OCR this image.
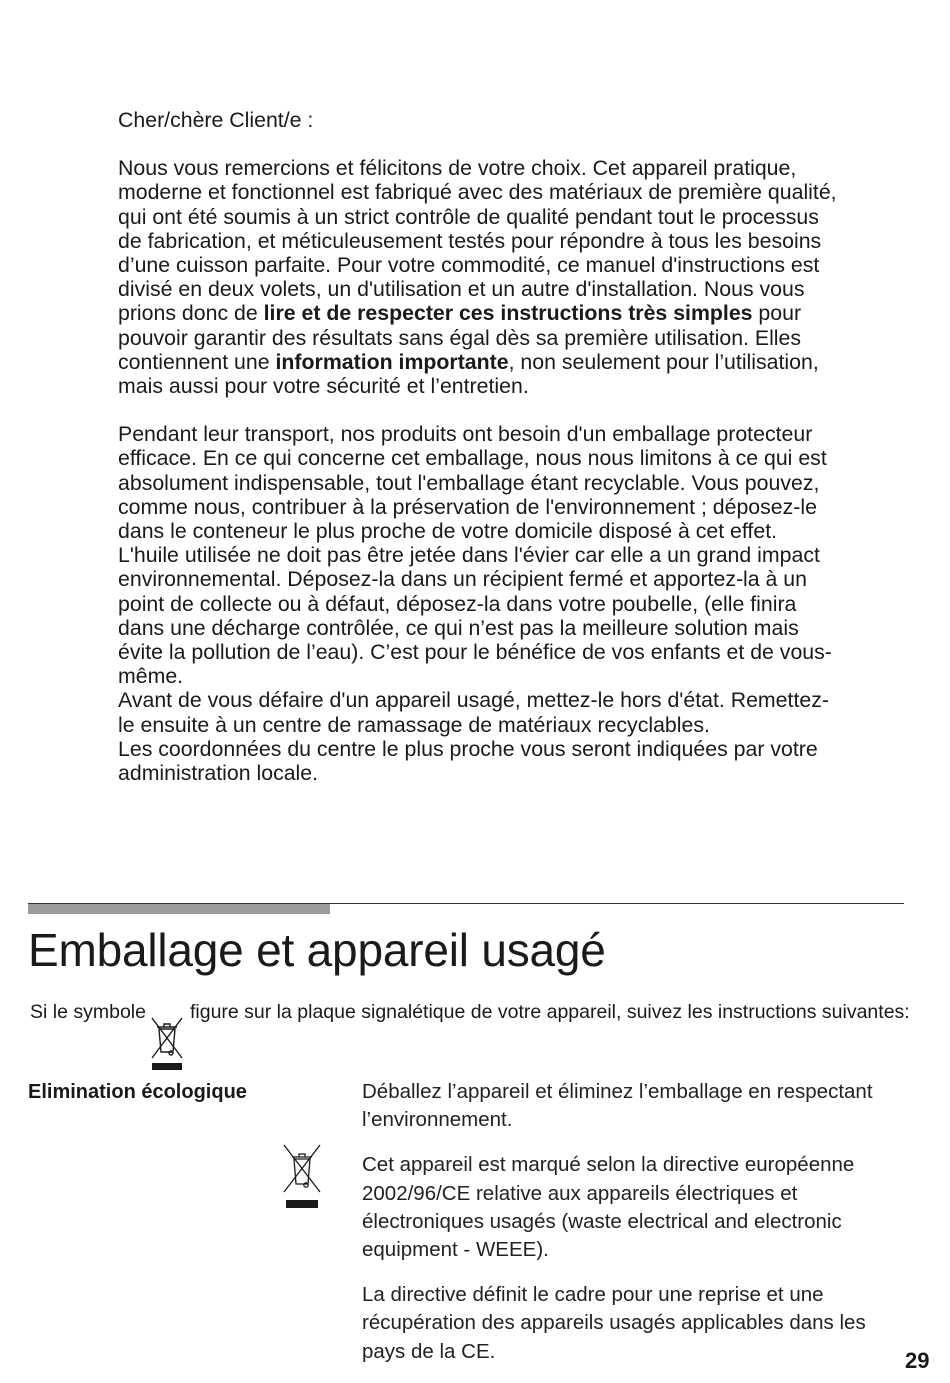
Cher/chère Client/e :

Nous vous remercions et félicitons de votre choix. Cet appareil pratique, moderne et fonctionnel est fabriqué avec des matériaux de première qualité, qui ont été soumis à un strict contrôle de qualité pendant tout le processus de fabrication, et méticuleusement testés pour répondre à tous les besoins d’une cuisson parfaite. Pour votre commodité, ce manuel d'instructions est divisé en deux volets, un d'utilisation et un autre d'installation. Nous vous prions donc de lire et de respecter ces instructions très simples pour pouvoir garantir des résultats sans égal dès sa première utilisation. Elles contiennent une information importante, non seulement pour l’utilisation, mais aussi pour votre sécurité et l’entretien.

Pendant leur transport, nos produits ont besoin d'un emballage protecteur efficace. En ce qui concerne cet emballage, nous nous limitons à ce qui est absolument indispensable, tout l'emballage étant recyclable. Vous pouvez, comme nous, contribuer à la préservation de l'environnement ; déposez-le dans le conteneur le plus proche de votre domicile disposé à cet effet.

L'huile utilisée ne doit pas être jetée dans l'évier car elle a un grand impact environnemental. Déposez-la dans un récipient fermé et apportez-la à un point de collecte ou à défaut, déposez-la dans votre poubelle, (elle finira dans une décharge contrôlée, ce qui n’est pas la meilleure solution mais évite la pollution de l’eau). C’est pour le bénéfice de vos enfants et de vous-même.

Avant de vous défaire d'un appareil usagé, mettez-le hors d'état. Remettez-le ensuite à un centre de ramassage de matériaux recyclables.

Les coordonnées du centre le plus proche vous seront indiquées par votre administration locale.

Emballage et appareil usagé
Si le symbole figure sur la plaque signalétique de votre appareil, suivez les instructions suivantes:
Elimination écologique	Déballez l’appareil et éliminez l’emballage en respectant l’environnement.

Cet appareil est marqué selon la directive européenne 2002/96/CE relative aux appareils électriques et électroniques usagés (waste electrical and electronic equipment - WEEE).

La directive définit le cadre pour une reprise et une récupération des appareils usagés applicables dans les pays de la CE.	29
